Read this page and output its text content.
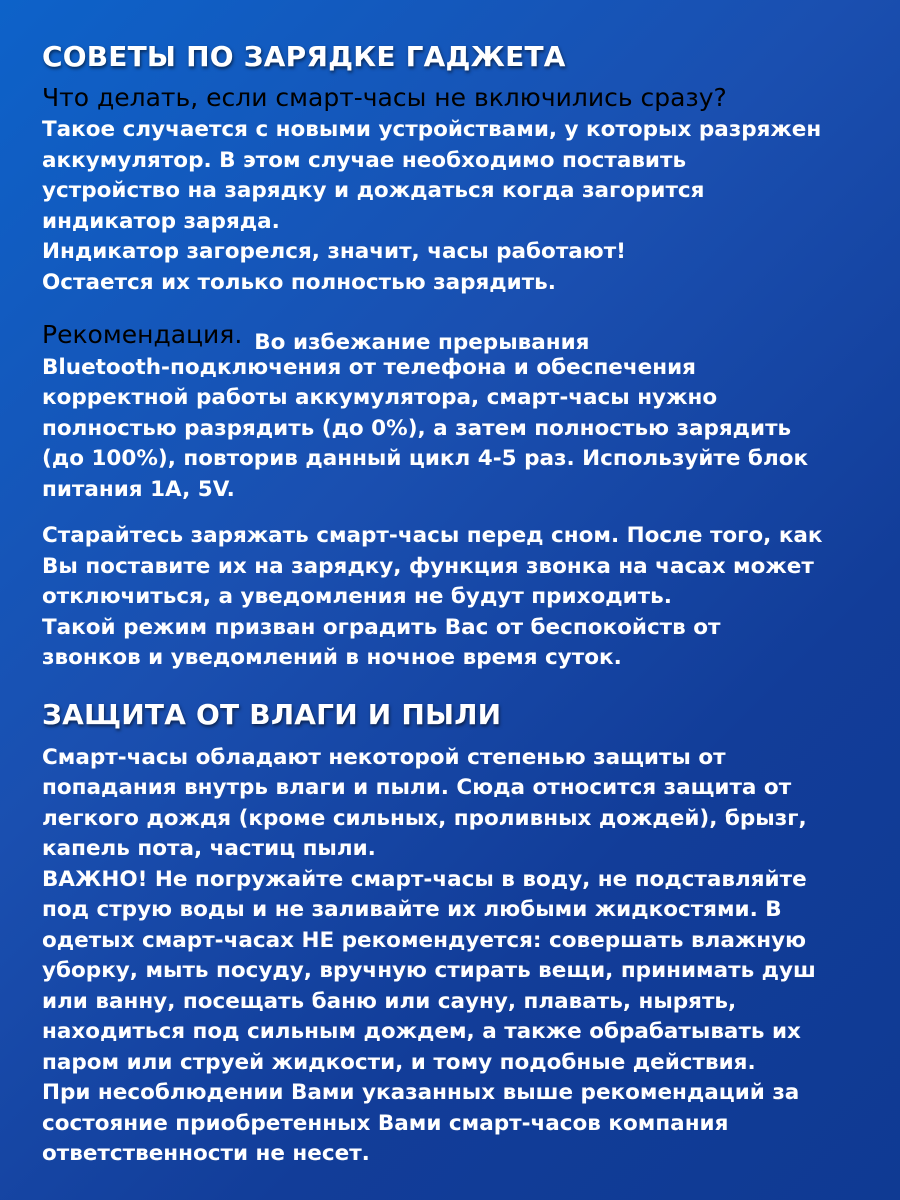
СОВЕТЫ ПО ЗАРЯДКЕ ГАДЖЕТА
Что делать, если смарт-часы не включились сразу?

Такое случается с новыми устройствами, у которых разряжен
аккумулятор. В этом случае необходимо поставить
устройство на зарядку и дождаться когда загорится
индикатор заряда.
Индикатор загорелся, значит, часы работают!
Остается их только полностью зарядить.

Рекомендация. Во избежание прерывания
Bluetooth-подключения от телефона и обеспечения
корректной работы аккумулятора, смарт-часы нужно
полностью разрядить (до 0%), а затем полностью зарядить
(до 100%), повторив данный цикл 4-5 раз. Используйте блок
питания 1A, 5V.

Старайтесь заряжать смарт-часы перед сном. После того, как
Вы поставите их на зарядку, функция звонка на часах может
отключиться, а уведомления не будут приходить.
Такой режим призван оградить Вас от беспокойств от
звонков и уведомлений в ночное время суток.

ЗАЩИТА ОТ ВЛАГИ И ПЫЛИ

Смарт-часы обладают некоторой степенью защиты от
попадания внутрь влаги и пыли. Сюда относится защита от
легкого дождя (кроме сильных, проливных дождей), брызг,
капель пота, частиц пыли.
ВАЖНО! Не погружайте смарт-часы в воду, не подставляйте
под струю воды и не заливайте их любыми жидкостями. В
одетых смарт-часах НЕ рекомендуется: совершать влажную
уборку, мыть посуду, вручную стирать вещи, принимать душ
или ванну, посещать баню или сауну, плавать, нырять,
находиться под сильным дождем, а также обрабатывать их
паром или струей жидкости, и тому подобные действия.
При несоблюдении Вами указанных выше рекомендаций за
состояние приобретенных Вами смарт-часов компания
ответственности не несет.
